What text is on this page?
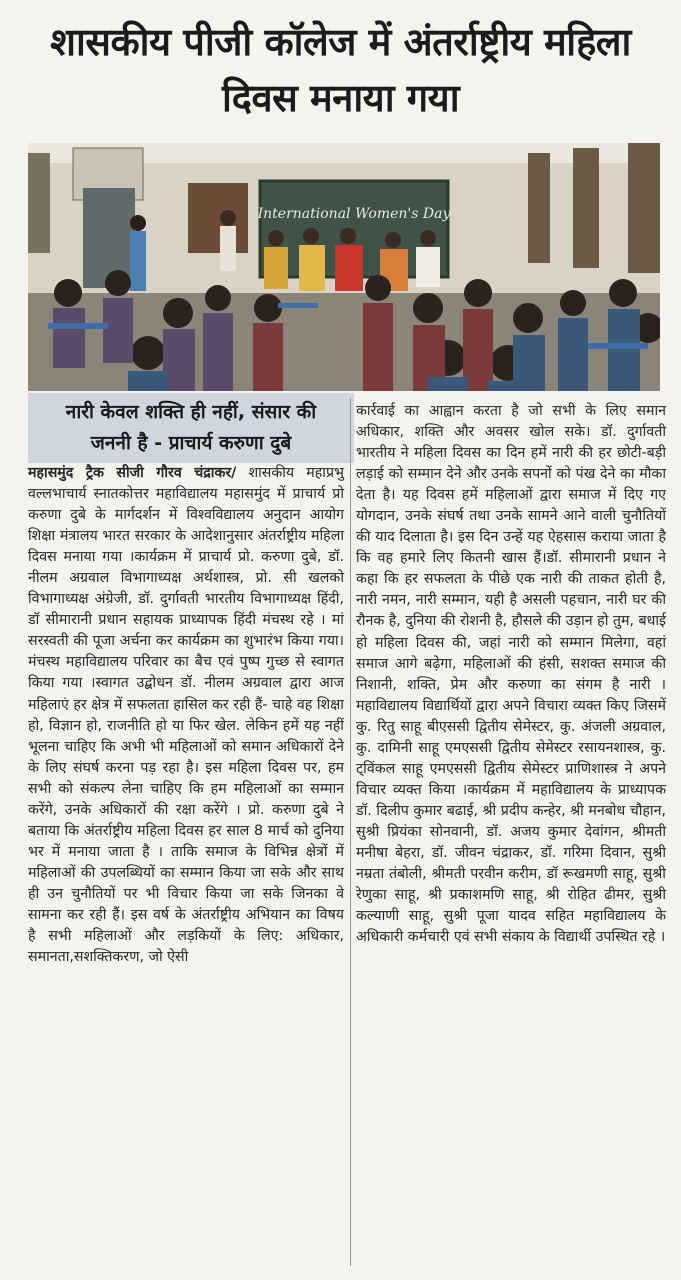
शासकीय पीजी कॉलेज में अंतर्राष्ट्रीय महिला
दिवस मनाया गया
International Women's Day
नारी केवल शक्ति ही नहीं, संसार की
जननी है - प्राचार्य करुणा दुबे
महासमुंद ट्रैक सीजी गौरव चंद्राकर/ शासकीय महाप्रभु वल्लभाचार्य स्नातकोत्तर महाविद्यालय महासमुंद में प्राचार्य प्रो करुणा दुबे के मार्गदर्शन में विश्वविद्यालय अनुदान आयोग शिक्षा मंत्रालय भारत सरकार के आदेशानुसार अंतर्राष्ट्रीय महिला दिवस मनाया गया ।कार्यक्रम में प्राचार्य प्रो. करुणा दुबे, डॉ. नीलम अग्रवाल विभागाध्यक्ष अर्थशास्त्र, प्रो. सी खलको विभागाध्यक्ष अंग्रेजी, डॉ. दुर्गावती भारतीय विभागाध्यक्ष हिंदी, डॉ सीमारानी प्रधान सहायक प्राध्यापक हिंदी मंचस्थ रहे । मां सरस्वती की पूजा अर्चना कर कार्यक्रम का शुभारंभ किया गया। मंचस्थ महाविद्यालय परिवार का बैच एवं पुष्प गुच्छ से स्वागत किया गया ।स्वागत उद्बोधन डॉ. नीलम अग्रवाल द्वारा आज महिलाएं हर क्षेत्र में सफलता हासिल कर रही हैं- चाहे वह शिक्षा हो, विज्ञान हो, राजनीति हो या फिर खेल. लेकिन हमें यह नहीं भूलना चाहिए कि अभी भी महिलाओं को समान अधिकारों देने के लिए संघर्ष करना पड़ रहा है। इस महिला दिवस पर, हम सभी को संकल्प लेना चाहिए कि हम महिलाओं का सम्मान करेंगे, उनके अधिकारों की रक्षा करेंगे । प्रो. करुणा दुबे ने बताया कि अंतर्राष्ट्रीय महिला दिवस हर साल 8 मार्च को दुनिया भर में मनाया जाता है । ताकि समाज के विभिन्न क्षेत्रों में महिलाओं की उपलब्धियों का सम्मान किया जा सके और साथ ही उन चुनौतियों पर भी विचार किया जा सके जिनका वे सामना कर रही हैं। इस वर्ष के अंतर्राष्ट्रीय अभियान का विषय है सभी महिलाओं और लड़कियों के लिए: अधिकार, समानता,सशक्तिकरण, जो ऐसी
कार्रवाई का आह्वान करता है जो सभी के लिए समान अधिकार, शक्ति और अवसर खोल सके। डॉ. दुर्गावती भारतीय ने महिला दिवस का दिन हमें नारी की हर छोटी-बड़ी लड़ाई को सम्मान देने और उनके सपनों को पंख देने का मौका देता है। यह दिवस हमें महिलाओं द्वारा समाज में दिए गए योगदान, उनके संघर्ष तथा उनके सामने आने वाली चुनौतियों की याद दिलाता है। इस दिन उन्हें यह ऐहसास कराया जाता है कि वह हमारे लिए कितनी खास हैं।डॉ. सीमारानी प्रधान ने कहा कि हर सफलता के पीछे एक नारी की ताकत होती है, नारी नमन, नारी सम्मान, यही है असली पहचान, नारी घर की रौनक है, दुनिया की रोशनी है, हौसले की उड़ान हो तुम, बधाई हो महिला दिवस की, जहां नारी को सम्मान मिलेगा, वहां समाज आगे बढ़ेगा, महिलाओं की हंसी, सशक्त समाज की निशानी, शक्ति, प्रेम और करुणा का संगम है नारी । महाविद्यालय विद्यार्थियों द्वारा अपने विचारा व्यक्त किए जिसमें कु. रितु साहू बीएससी द्वितीय सेमेस्टर, कु. अंजली अग्रवाल, कु. दामिनी साहू एमएससी द्वितीय सेमेस्टर रसायनशास्त्र, कु. ट्विंकल साहू एमएससी द्वितीय सेमेस्टर प्राणिशास्त्र ने अपने विचार व्यक्त किया ।कार्यक्रम में महाविद्यालय के प्राध्यापक डॉ. दिलीप कुमार बढाई, श्री प्रदीप कन्हेर, श्री मनबोध चौहान, सुश्री प्रियंका सोनवानी, डॉ. अजय कुमार देवांगन, श्रीमती मनीषा बेहरा, डॉ. जीवन चंद्राकर, डॉ. गरिमा दिवान, सुश्री नम्रता तंबोली, श्रीमती परवीन करीम, डॉ रूखमणी साहू, सुश्री रेणुका साहू, श्री प्रकाशमणि साहू, श्री रोहित ढीमर, सुश्री कल्याणी साहू, सुश्री पूजा यादव सहित महाविद्यालय के अधिकारी कर्मचारी एवं सभी संकाय के विद्यार्थी उपस्थित रहे ।
